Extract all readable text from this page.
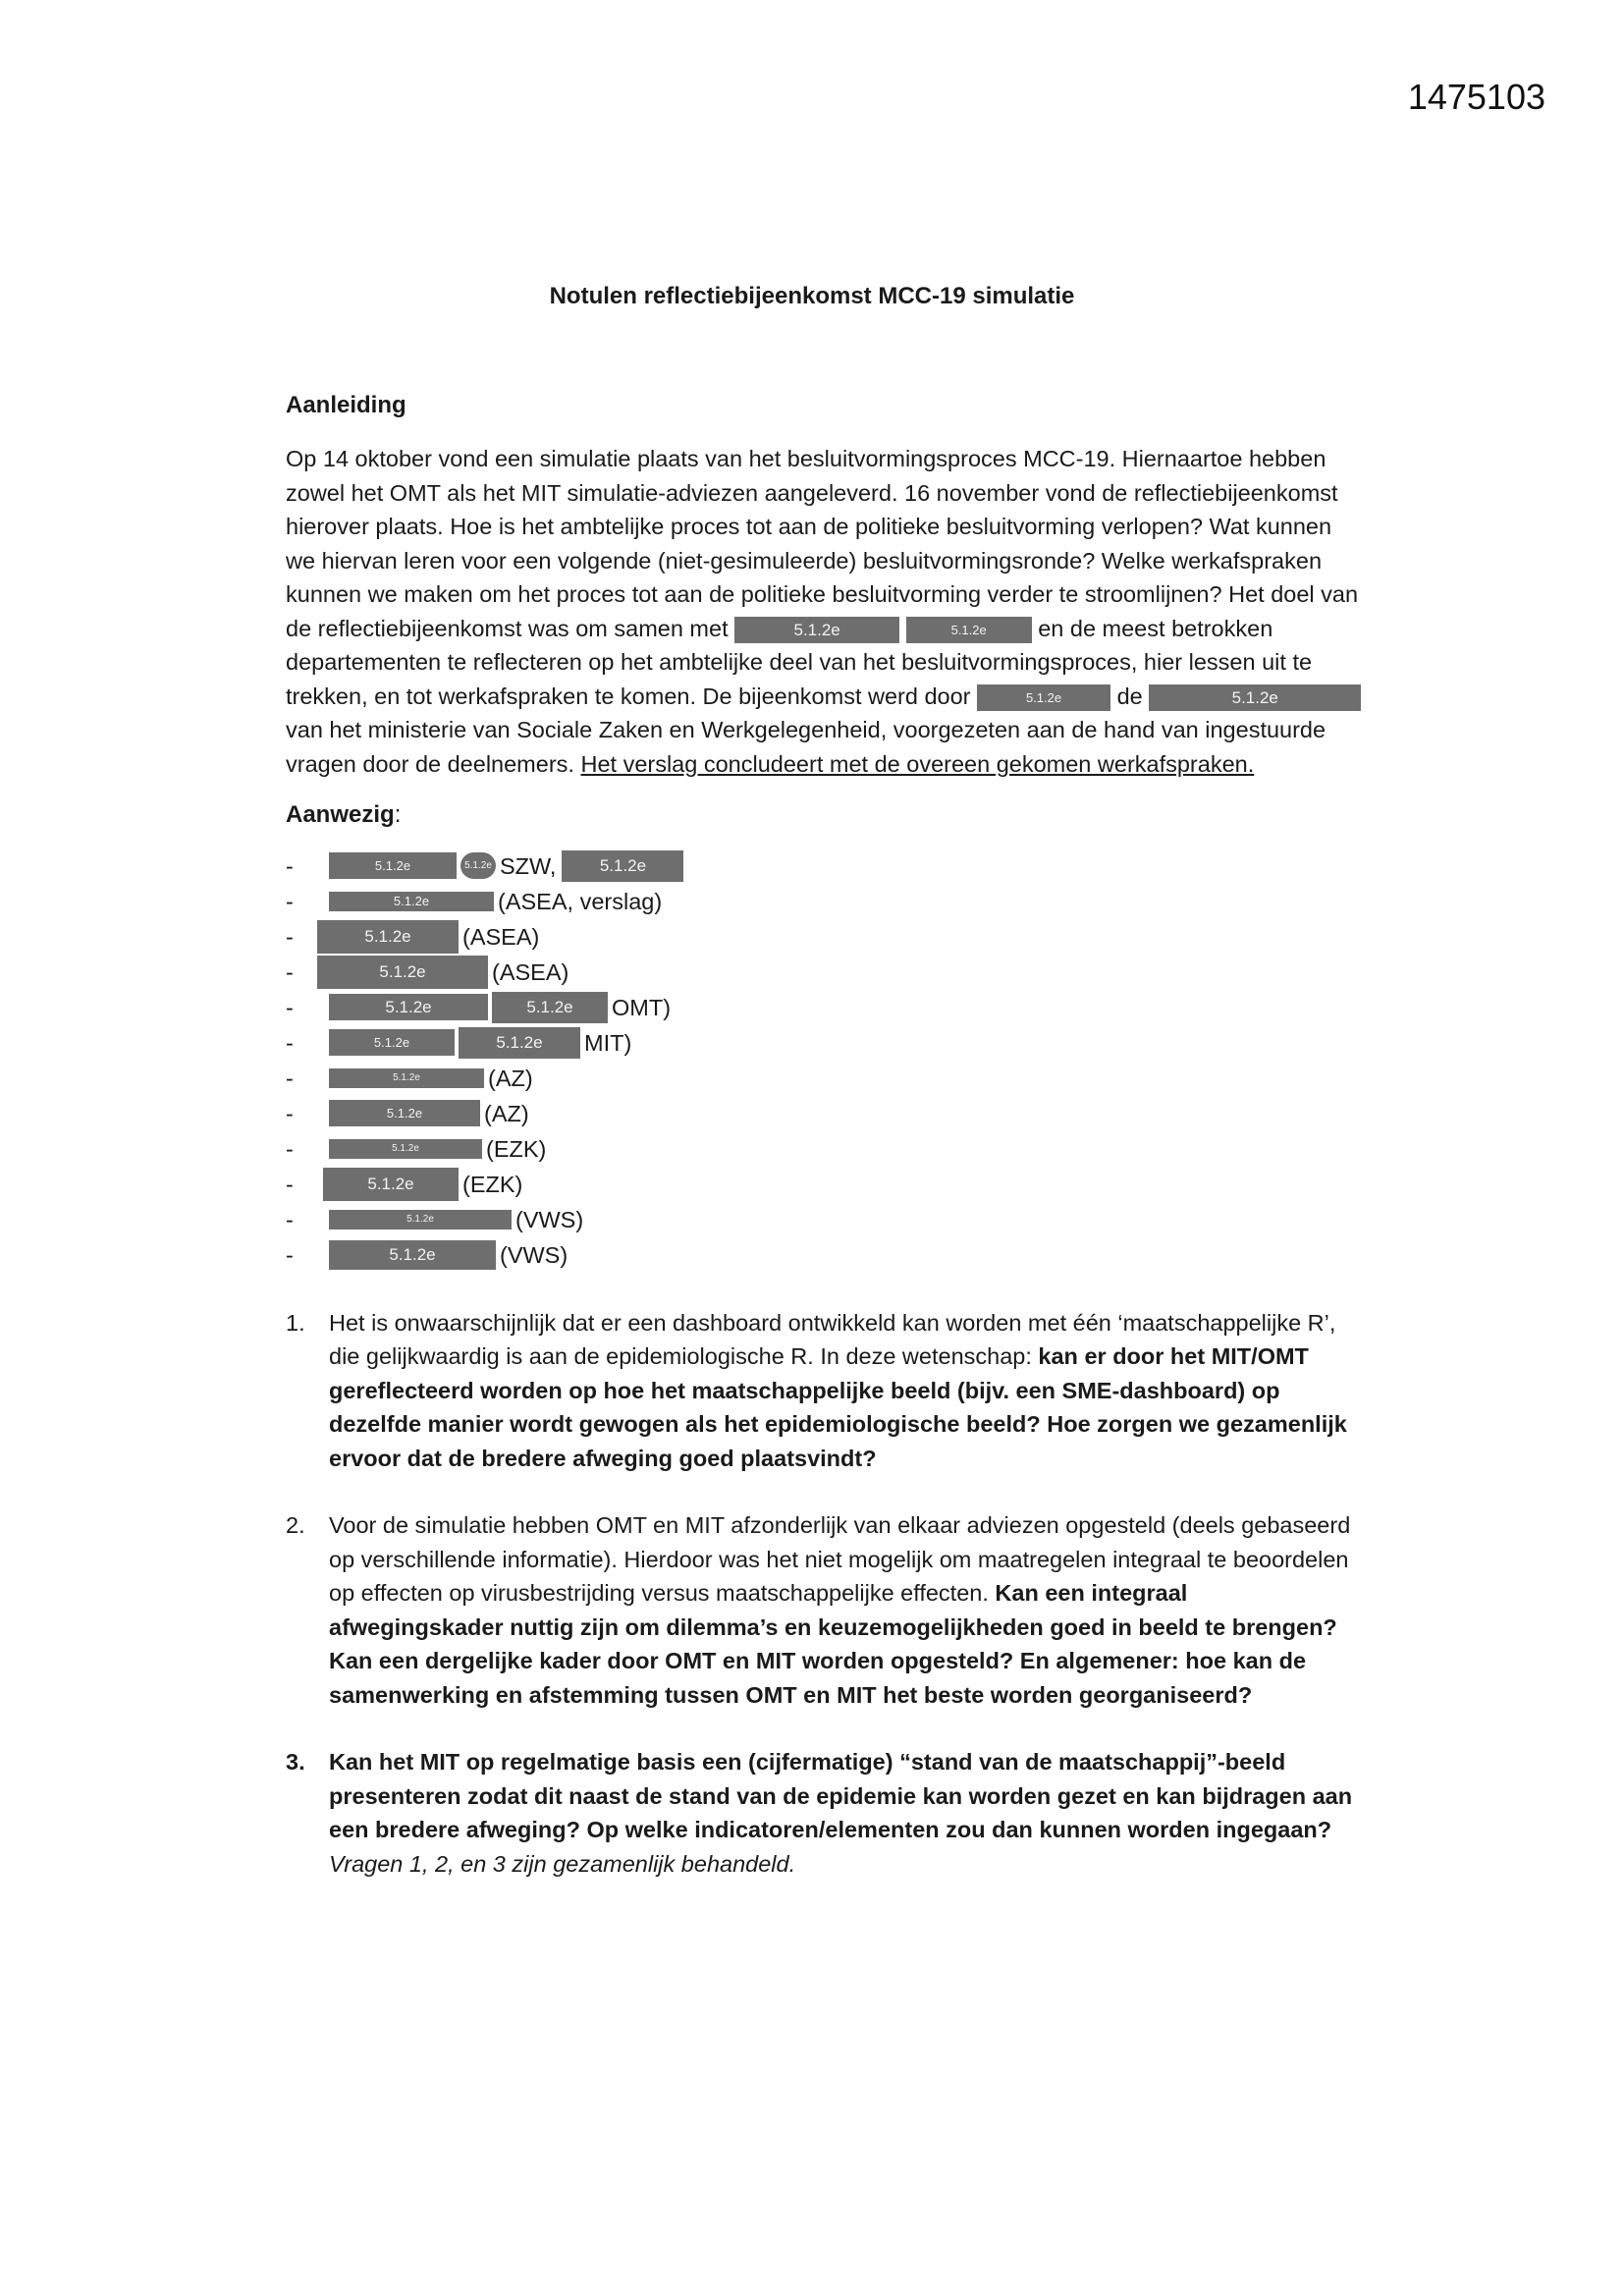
1475103
Notulen reflectiebijeenkomst MCC-19 simulatie
Aanleiding

Op 14 oktober vond een simulatie plaats van het besluitvormingsproces MCC-19. Hiernaartoe hebben zowel het OMT als het MIT simulatie-adviezen aangeleverd. 16 november vond de reflectiebijeenkomst hierover plaats. Hoe is het ambtelijke proces tot aan de politieke besluitvorming verlopen? Wat kunnen we hiervan leren voor een volgende (niet-gesimuleerde) besluitvormingsronde? Welke werkafspraken kunnen we maken om het proces tot aan de politieke besluitvorming verder te stroomlijnen? Het doel van de reflectiebijeenkomst was om samen met	5.1.2e	5.1.2e en de meest betrokken departementen te reflecteren op het ambtelijke deel van het besluitvormingsproces, hier lessen uit te trekken, en tot werkafspraken te komen. De bijeenkomst werd door	5.1.2e de	5.1.2evan het ministerie van Sociale Zaken en Werkgelegenheid, voorgezeten aan de hand van ingestuurde vragen door de deelnemers. Het verslag concludeert met de overeen gekomen werkafspraken.

Aanwezig:
-	5.1.2e	5.1.2e SZW,	5.1.2e
-	5.1.2e	(ASEA, verslag)
-	5.1.2e	(ASEA)
-	5.1.2e	(ASEA)
-	5.1.2e	5.1.2e	OMT)
-	5.1.2e	5.1.2e	MIT)
-	5.1.2e	(AZ)
-	5.1.2e	(AZ)
-	5.1.2e	(EZK)
-	5.1.2e	(EZK)
-	5.1.2e	(VWS)
-	5.1.2e	(VWS)
1. Het is onwaarschijnlijk dat er een dashboard ontwikkeld kan worden met één ‘maatschappelijke R’, die gelijkwaardig is aan de epidemiologische R. In deze wetenschap: kan er door het MIT/OMT gereflecteerd worden op hoe het maatschappelijke beeld (bijv. een SME-dashboard) op dezelfde manier wordt gewogen als het epidemiologische beeld? Hoe zorgen we gezamenlijk ervoor dat de bredere afweging goed plaatsvindt?
2. Voor de simulatie hebben OMT en MIT afzonderlijk van elkaar adviezen opgesteld (deels gebaseerd op verschillende informatie). Hierdoor was het niet mogelijk om maatregelen integraal te beoordelen op effecten op virusbestrijding versus maatschappelijke effecten. Kan een integraal afwegingskader nuttig zijn om dilemma’s en keuzemogelijkheden goed in beeld te brengen? Kan een dergelijke kader door OMT en MIT worden opgesteld? En algemener: hoe kan de samenwerking en afstemming tussen OMT en MIT het beste worden georganiseerd?
3. Kan het MIT op regelmatige basis een (cijfermatige) “stand van de maatschappij”-beeld presenteren zodat dit naast de stand van de epidemie kan worden gezet en kan bijdragen aan een bredere afweging? Op welke indicatoren/elementen zou dan kunnen worden ingegaan?
Vragen 1, 2, en 3 zijn gezamenlijk behandeld.
